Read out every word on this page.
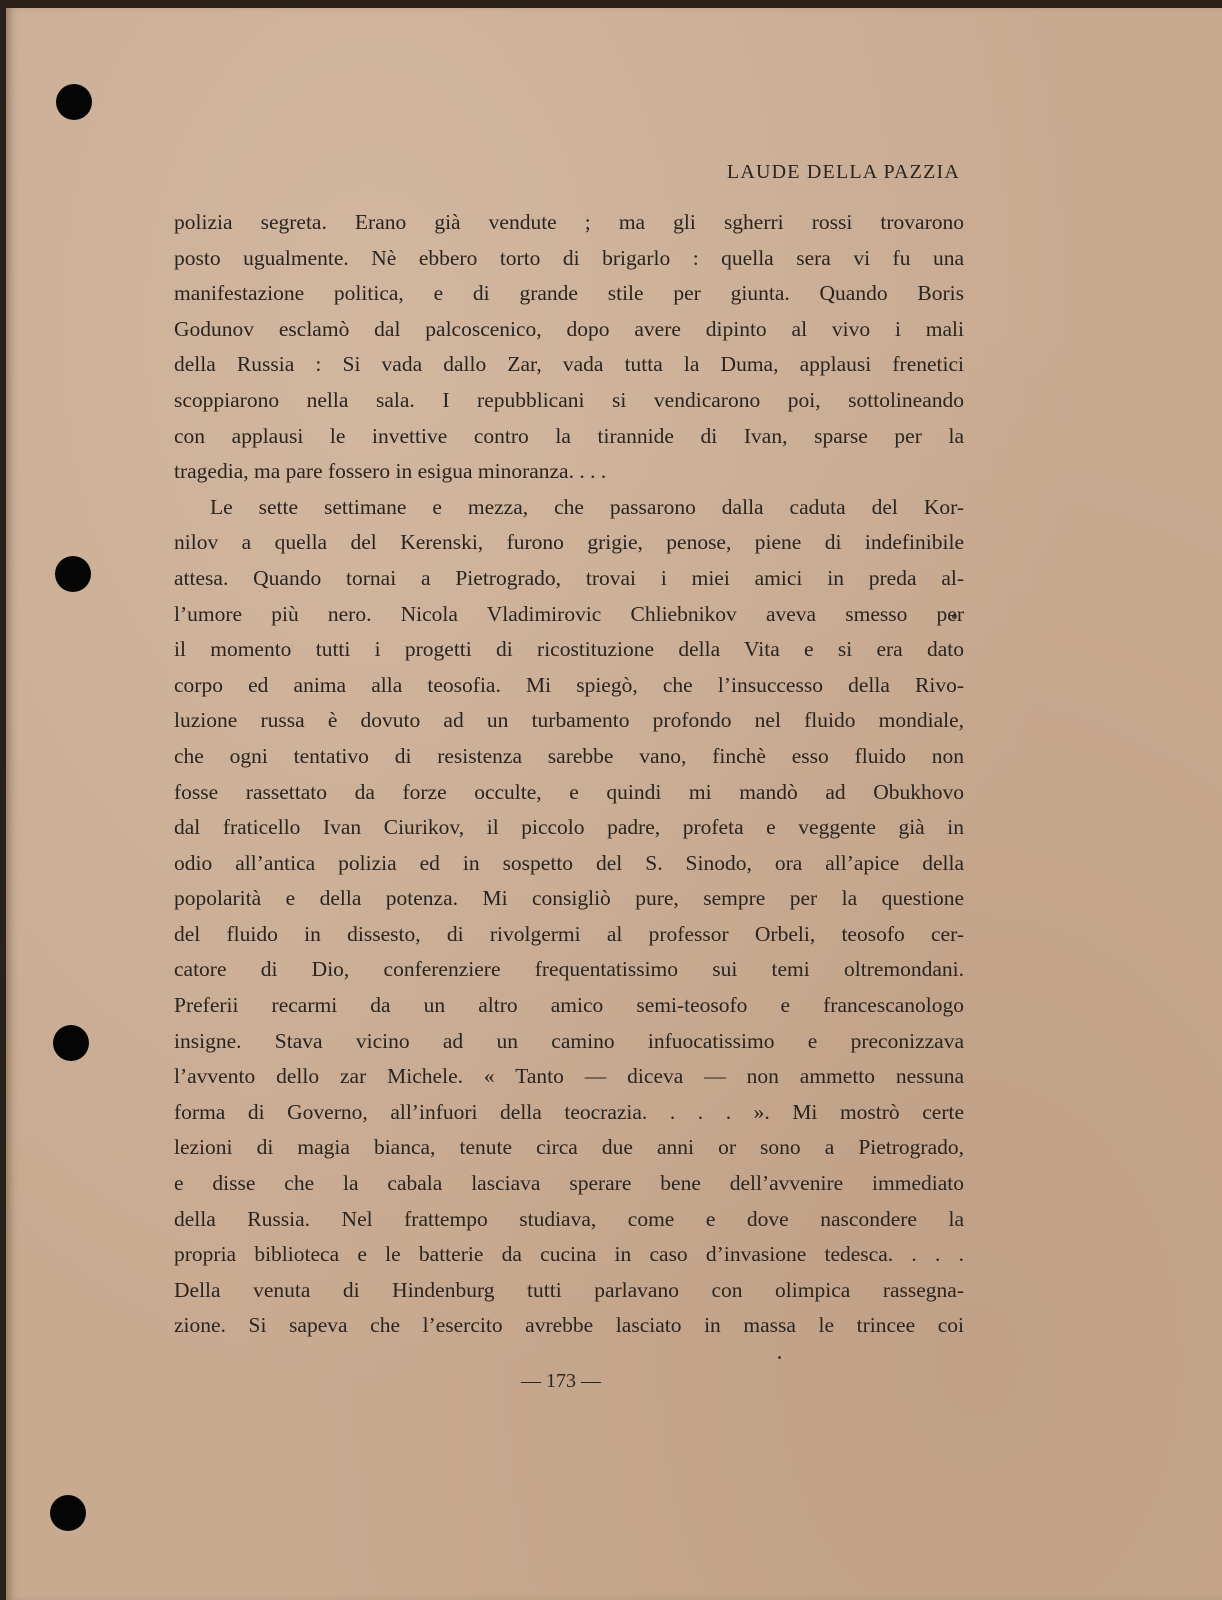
LAUDE DELLA PAZZIA
polizia segreta. Erano già vendute ; ma gli sgherri rossi trovarono
posto ugualmente. Nè ebbero torto di brigarlo : quella sera vi fu una
manifestazione politica, e di grande stile per giunta. Quando Boris
Godunov esclamò dal palcoscenico, dopo avere dipinto al vivo i mali
della Russia : Si vada dallo Zar, vada tutta la Duma, applausi frenetici
scoppiarono nella sala. I repubblicani si vendicarono poi, sottolineando
con applausi le invettive contro la tirannide di Ivan, sparse per la
tragedia, ma pare fossero in esigua minoranza. . . .
Le sette settimane e mezza, che passarono dalla caduta del Kor-
nilov a quella del Kerenski, furono grigie, penose, piene di indefinibile
attesa. Quando tornai a Pietrogrado, trovai i miei amici in preda al-
l’umore più nero. Nicola Vladimirovic Chliebnikov aveva smesso per
il momento tutti i progetti di ricostituzione della Vita e si era dato
corpo ed anima alla teosofia. Mi spiegò, che l’insuccesso della Rivo-
luzione russa è dovuto ad un turbamento profondo nel fluido mondiale,
che ogni tentativo di resistenza sarebbe vano, finchè esso fluido non
fosse rassettato da forze occulte, e quindi mi mandò ad Obukhovo
dal fraticello Ivan Ciurikov, il piccolo padre, profeta e veggente già in
odio all’antica polizia ed in sospetto del S. Sinodo, ora all’apice della
popolarità e della potenza. Mi consigliò pure, sempre per la questione
del fluido in dissesto, di rivolgermi al professor Orbeli, teosofo cer-
catore di Dio, conferenziere frequentatissimo sui temi oltremondani.
Preferii recarmi da un altro amico semi-teosofo e francescanologo
insigne. Stava vicino ad un camino infuocatissimo e preconizzava
l’avvento dello zar Michele. « Tanto — diceva — non ammetto nessuna
forma di Governo, all’infuori della teocrazia. . . . ». Mi mostrò certe
lezioni di magia bianca, tenute circa due anni or sono a Pietrogrado,
e disse che la cabala lasciava sperare bene dell’avvenire immediato
della Russia. Nel frattempo studiava, come e dove nascondere la
propria biblioteca e le batterie da cucina in caso d’invasione tedesca. . . .
Della venuta di Hindenburg tutti parlavano con olimpica rassegna-
zione. Si sapeva che l’esercito avrebbe lasciato in massa le trincee coi
— 173 —
